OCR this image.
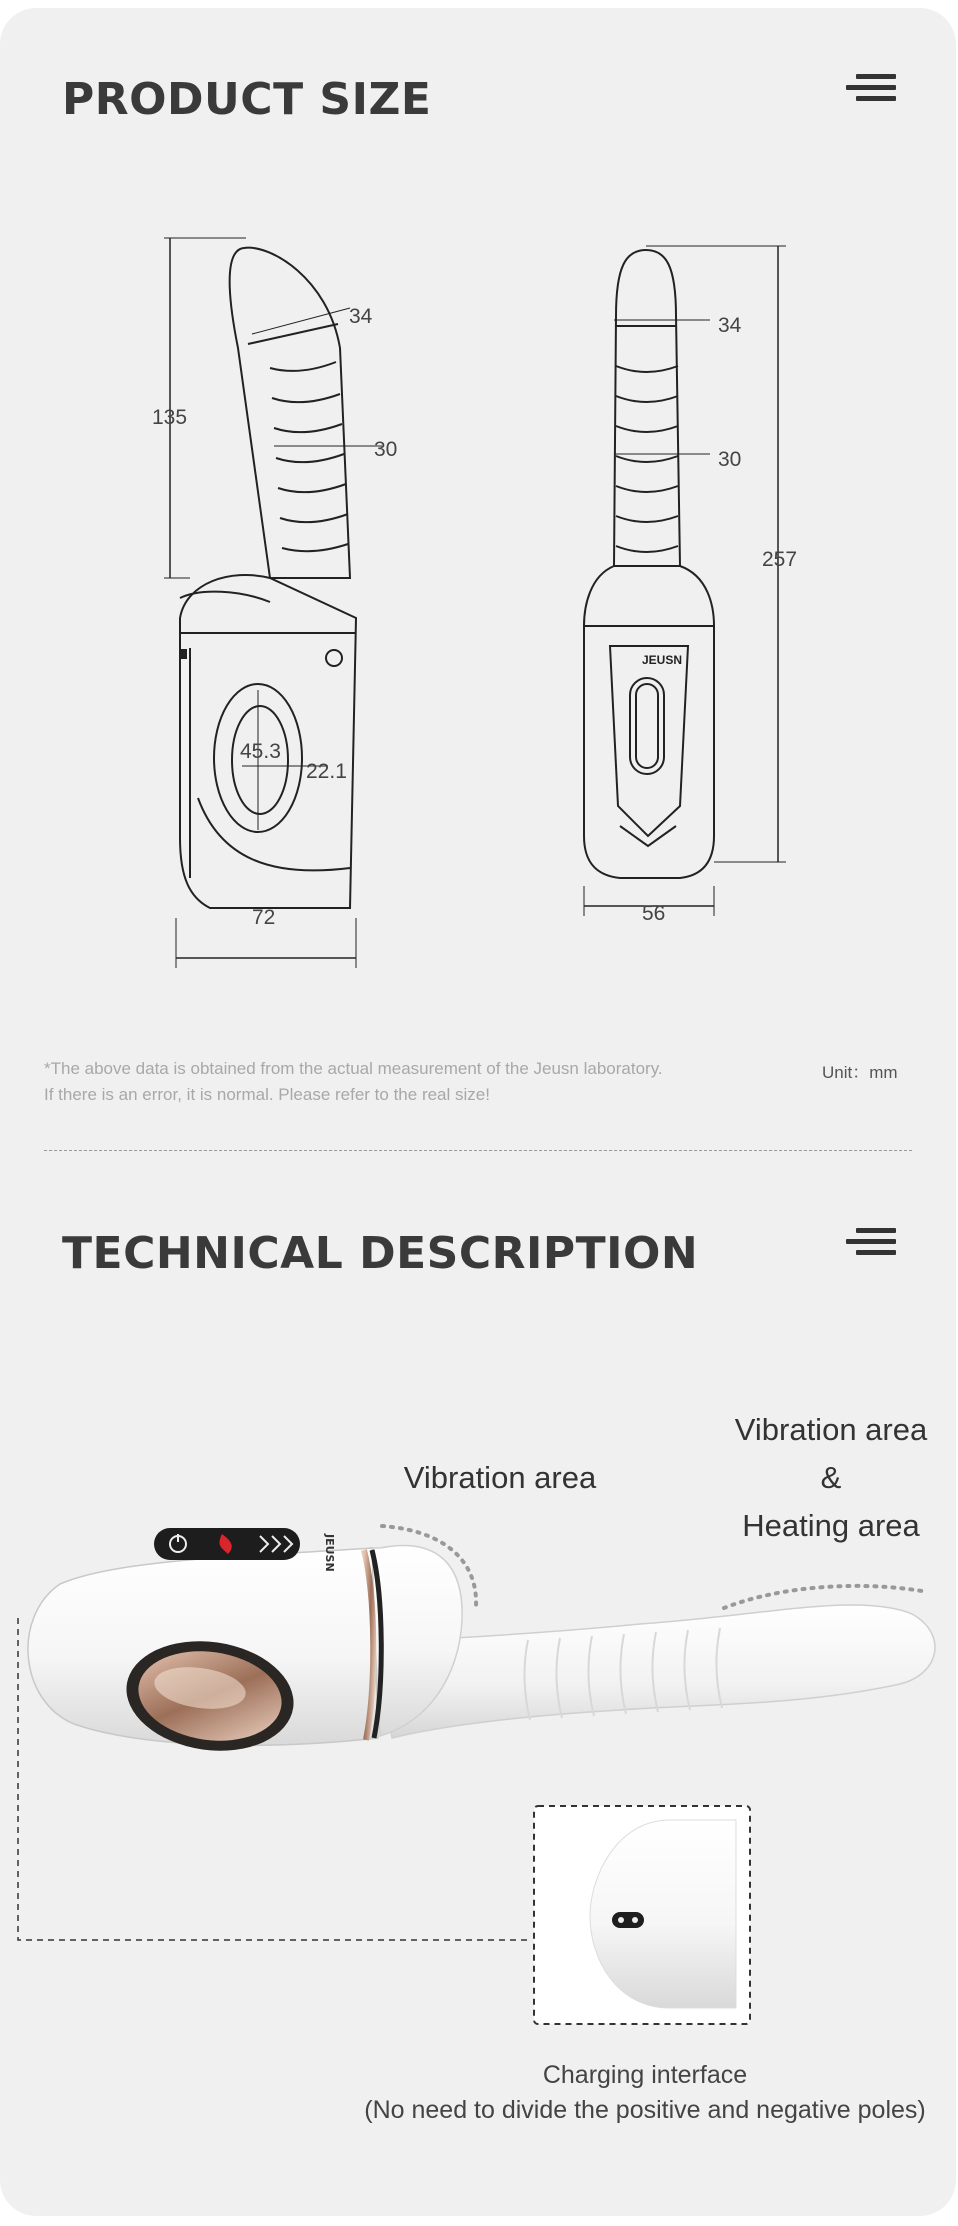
PRODUCT SIZE
135
34
30
45.3
22.1
72
JEUSN
34
30
257
56
*The above data is obtained from the actual measurement of the Jeusn laboratory.
If there is an error, it is normal. Please refer to the real size!
Unit：mm
TECHNICAL DESCRIPTION
Vibration area
Vibration area
&
Heating area
JEUSN
Charging interface
(No need to divide the positive and negative poles)
